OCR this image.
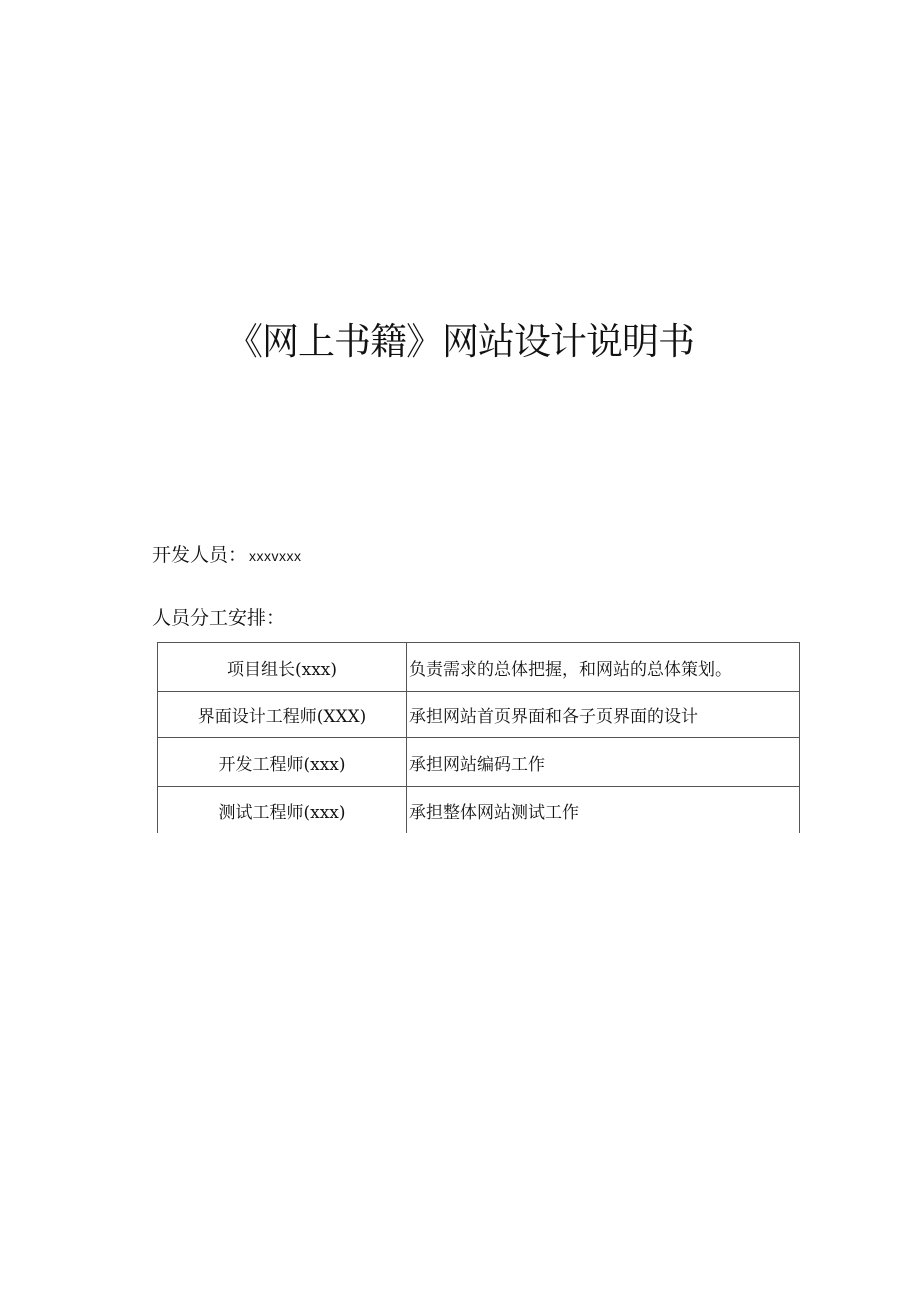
《网上书籍》网站设计说明书
开发人员： xxxvxxx
人员分工安排：
项目组长(xxx)	负责需求的总体把握，和网站的总体策划。
界面设计工程师(XXX)	承担网站首页界面和各子页界面的设计
开发工程师(xxx)	承担网站编码工作
测试工程师(xxx)	承担整体网站测试工作
